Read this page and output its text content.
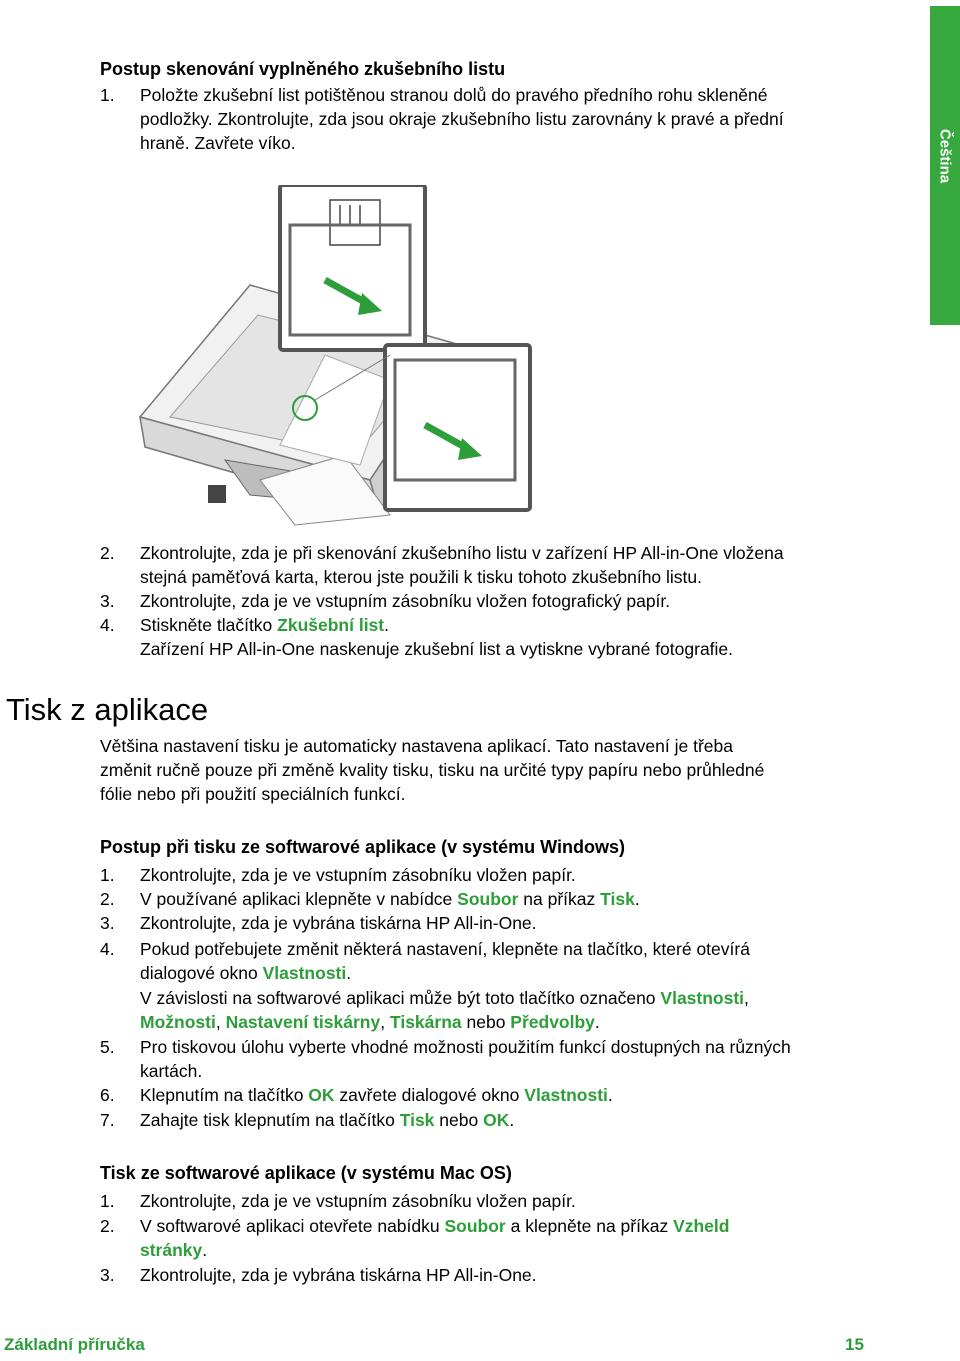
Čeština
Postup skenování vyplněného zkušebního listu
1. Položte zkušební list potištěnou stranou dolů do pravého předního rohu skleněné
podložky. Zkontrolujte, zda jsou okraje zkušebního listu zarovnány k pravé a přední
hraně. Zavřete víko.
2. Zkontrolujte, zda je při skenování zkušebního listu v zařízení HP All-in-One vložena
stejná paměťová karta, kterou jste použili k tisku tohoto zkušebního listu.
3. Zkontrolujte, zda je ve vstupním zásobníku vložen fotografický papír.
4. Stiskněte tlačítko Zkušební list.
Zařízení HP All-in-One naskenuje zkušební list a vytiskne vybrané fotografie.
Tisk z aplikace
Většina nastavení tisku je automaticky nastavena aplikací. Tato nastavení je třeba
změnit ručně pouze při změně kvality tisku, tisku na určité typy papíru nebo průhledné
fólie nebo při použití speciálních funkcí.
Postup při tisku ze softwarové aplikace (v systému Windows)
1. Zkontrolujte, zda je ve vstupním zásobníku vložen papír.
2. V používané aplikaci klepněte v nabídce Soubor na příkaz Tisk.
3. Zkontrolujte, zda je vybrána tiskárna HP All-in-One.
4. Pokud potřebujete změnit některá nastavení, klepněte na tlačítko, které otevírá
dialogové okno Vlastnosti.
V závislosti na softwarové aplikaci může být toto tlačítko označeno Vlastnosti,
Možnosti, Nastavení tiskárny, Tiskárna nebo Předvolby.
5. Pro tiskovou úlohu vyberte vhodné možnosti použitím funkcí dostupných na různých
kartách.
6. Klepnutím na tlačítko OK zavřete dialogové okno Vlastnosti.
7. Zahajte tisk klepnutím na tlačítko Tisk nebo OK.
Tisk ze softwarové aplikace (v systému Mac OS)
1. Zkontrolujte, zda je ve vstupním zásobníku vložen papír.
2. V softwarové aplikaci otevřete nabídku Soubor a klepněte na příkaz Vzheld
stránky.
3. Zkontrolujte, zda je vybrána tiskárna HP All-in-One.
Základní příručka	15
